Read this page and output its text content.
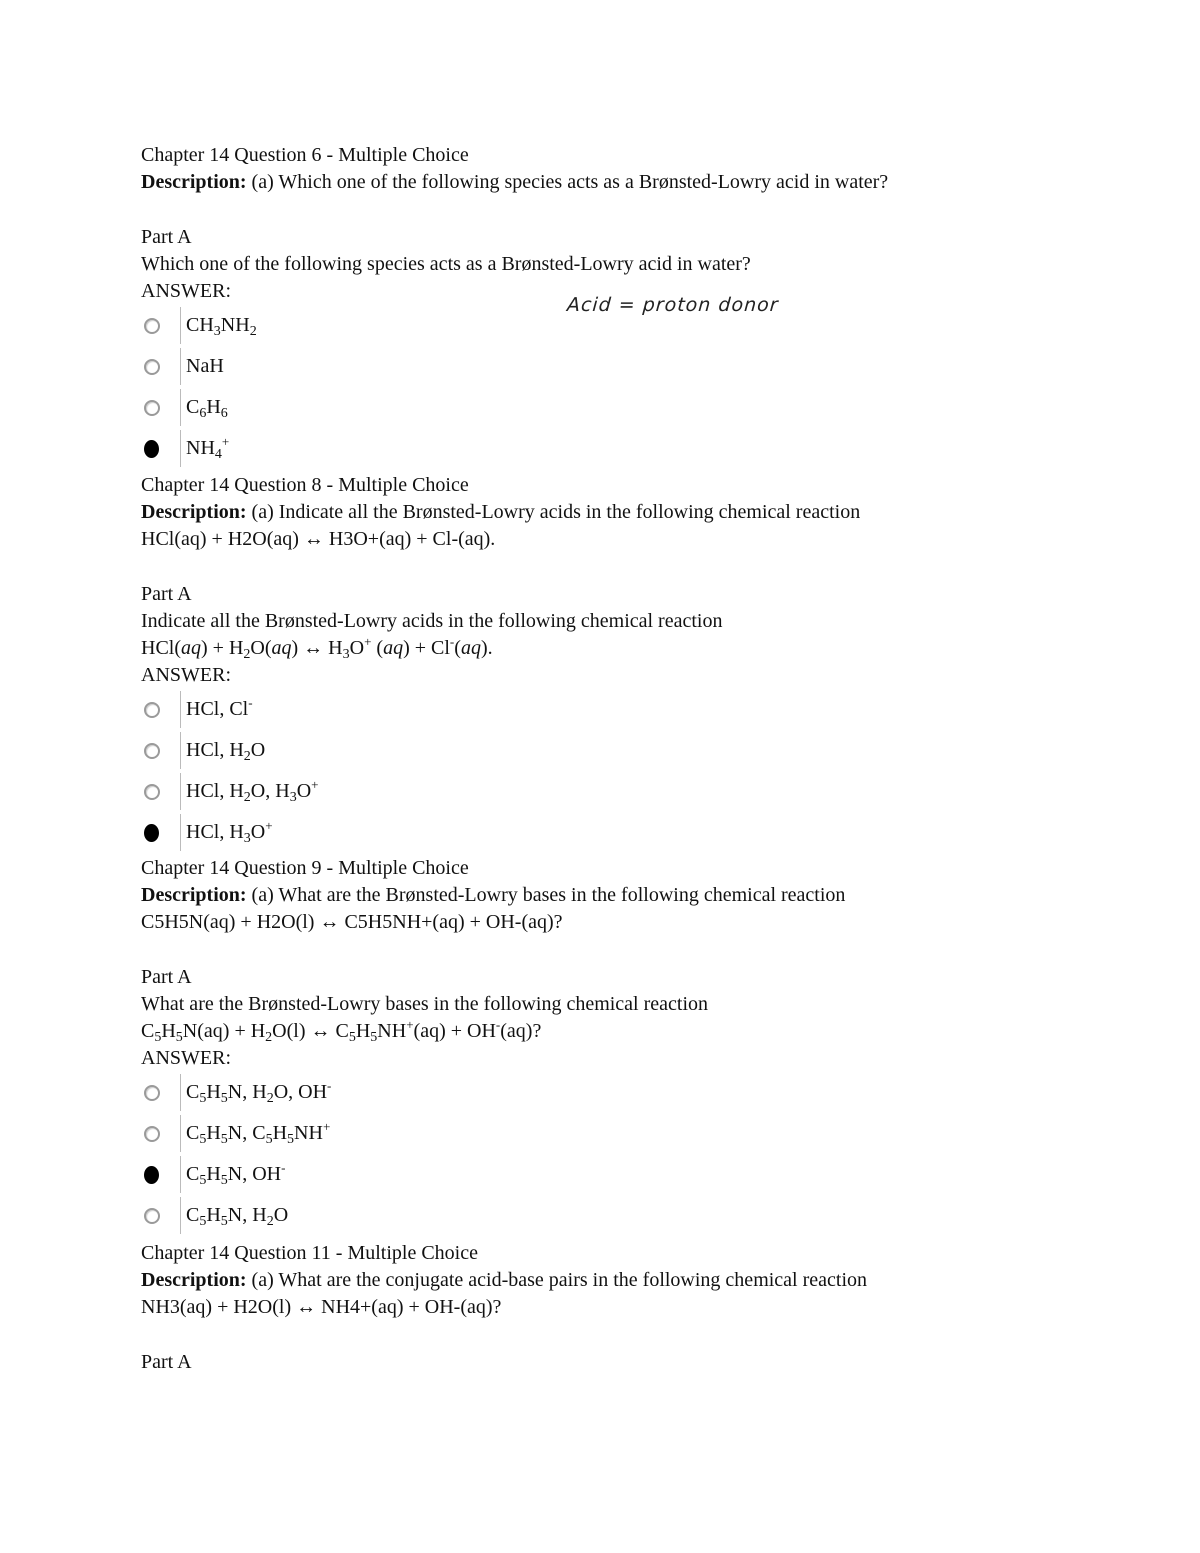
Acid = proton donor
Chapter 14 Question 6 - Multiple Choice
Description: (a) Which one of the following species acts as a Brønsted-Lowry acid in water?
Part A
Which one of the following species acts as a Brønsted-Lowry acid in water?
ANSWER:
$CH_3NH_2$
NaH
$C_6H_6$
$NH_4^+$
Chapter 14 Question 8 - Multiple Choice
Description: (a) Indicate all the Brønsted-Lowry acids in the following chemical reaction
HCl(aq) + H2O(aq) ↔ H3O+(aq) + Cl-(aq).
Part A
Indicate all the Brønsted-Lowry acids in the following chemical reaction
$HCl(aq) + H_2O(aq)$ ↔ $H_3O^+$ (aq) + Cl-(aq).
ANSWER:
HCl, Cl-
HCl, $H_2O$
HCl, $H_2O$, $H_3O^+$
HCl, $H_3O^+$
Chapter 14 Question 9 - Multiple Choice
Description: (a) What are the Brønsted-Lowry bases in the following chemical reaction
C5H5N(aq) + H2O(l) ↔ C5H5NH+(aq) + OH-(aq)?
Part A
What are the Brønsted-Lowry bases in the following chemical reaction
$C_5H_5N(aq) + H_2O(l)$ ↔ $C_5H_5NH^+(aq) + OH^-(aq)$?
ANSWER:
$C_5H_5N$, $H_2O$, OH-
$C_5H_5N$, $C_5H_5NH^+$
$C_5H_5N$, OH-
$C_5H_5N$, $H_2O$
Chapter 14 Question 11 - Multiple Choice
Description: (a) What are the conjugate acid-base pairs in the following chemical reaction
NH3(aq) + H2O(l) ↔ NH4+(aq) + OH-(aq)?
Part A
